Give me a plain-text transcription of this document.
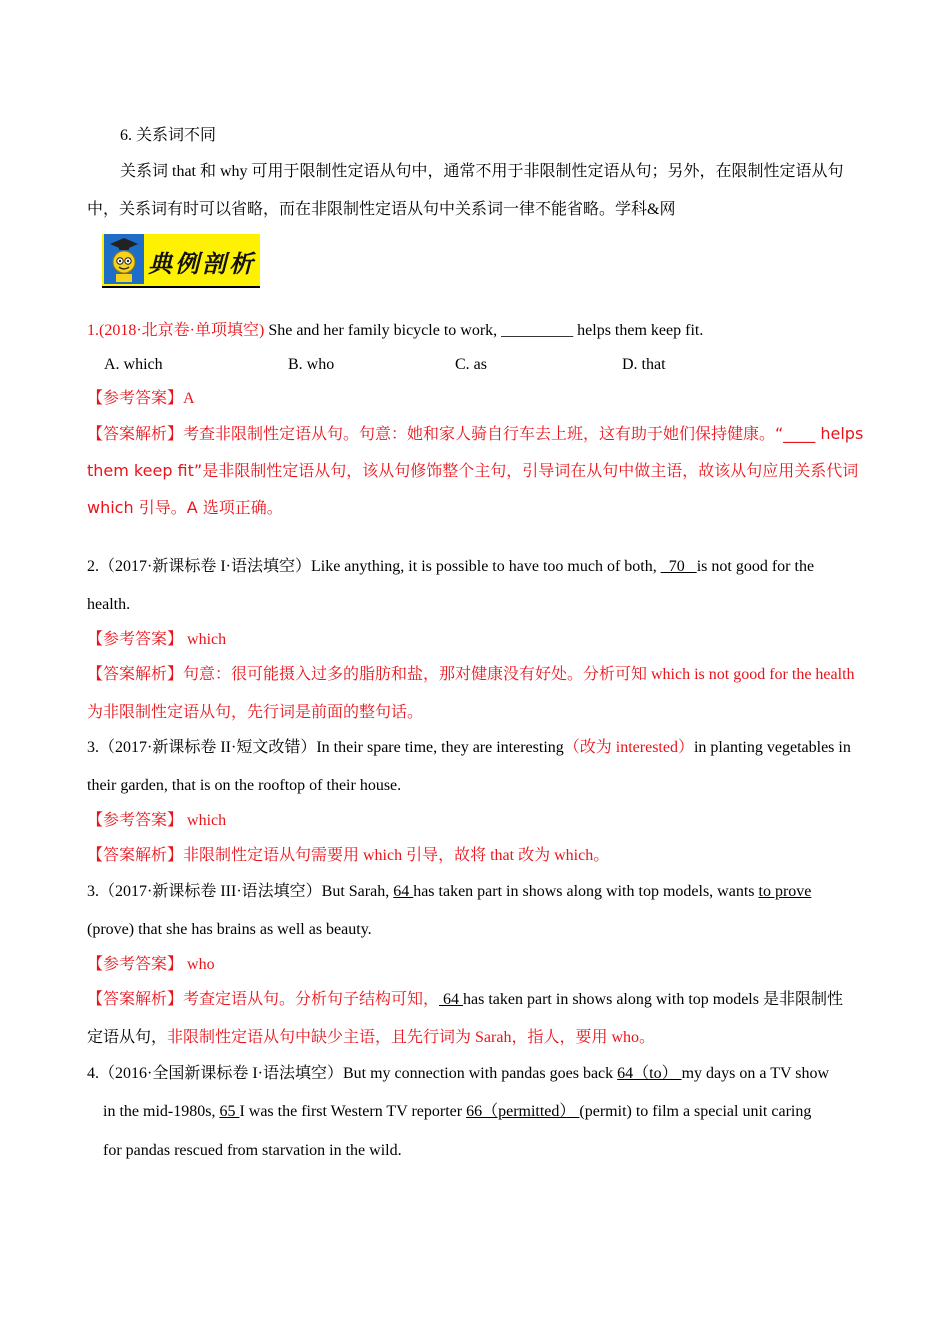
6. 关系词不同
关系词 that 和 why 可用于限制性定语从句中，通常不用于非限制性定语从句；另外，在限制性定语从句
中，关系词有时可以省略，而在非限制性定语从句中关系词一律不能省略。学科&网
典例剖析
1.(2018·北京卷·单项填空) She and her family bicycle to work, _________ helps them keep fit.
A. which	B. who	C. as	D. that
【参考答案】A
【答案解析】考查非限制性定语从句。句意：她和家人骑自行车去上班，这有助于她们保持健康。“____ helps
them keep fit”是非限制性定语从句，该从句修饰整个主句，引导词在从句中做主语，故该从句应用关系代词
which 引导。A 选项正确。
2.（2017·新课标卷 I·语法填空）Like anything, it is possible to have too much of both, _70_ is not good for the
health.
【参考答案】 which
【答案解析】句意：很可能摄入过多的脂肪和盐，那对健康没有好处。分析可知 which is not good for the health
为非限制性定语从句，先行词是前面的整句话。
3.（2017·新课标卷 II·短文改错）In their spare time, they are interesting（改为 interested）in planting vegetables in
their garden, that is on the rooftop of their house.
【参考答案】 which
【答案解析】非限制性定语从句需要用 which 引导，故将 that 改为 which。
3.（2017·新课标卷 III·语法填空）But Sarah, 64 has taken part in shows along with top models, wants to prove
(prove) that she has brains as well as beauty.
【参考答案】 who
【答案解析】考查定语从句。分析句子结构可知， 64 has taken part in shows along with top models 是非限制性
定语从句，非限制性定语从句中缺少主语，且先行词为 Sarah，指人，要用 who。
4.（2016·全国新课标卷 I·语法填空）But my connection with pandas goes back 64（to） my days on a TV show
in the mid-1980s, 65 I was the first Western TV reporter 66（permitted） (permit) to film a special unit caring
for pandas rescued from starvation in the wild.
